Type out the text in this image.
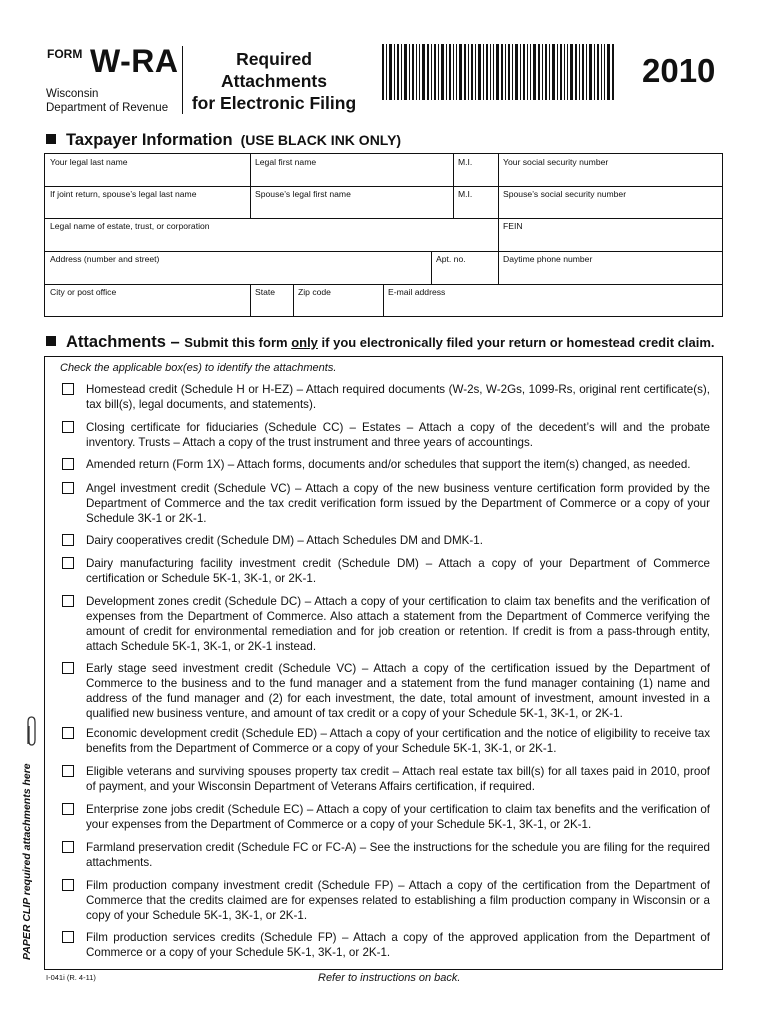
FORM W-RA
Wisconsin
Department of Revenue
Required
Attachments
for Electronic Filing
2010
Taxpayer Information (USE BLACK INK ONLY)
Your legal last name	Legal first name	M.I.	Your social security number
If joint return, spouse’s legal last name	Spouse’s legal first name	M.I.	Spouse’s social security number
Legal name of estate, trust, or corporation	FEIN
Address (number and street)	Apt. no.	Daytime phone number
City or post office	State	Zip code	E-mail address
Attachments – Submit this form only if you electronically filed your return or homestead credit claim.
Check the applicable box(es) to identify the attachments.
Homestead credit (Schedule H or H-EZ) – Attach required documents (W-2s, W-2Gs, 1099-Rs, original rent certificate(s), tax bill(s), legal documents, and statements).
Closing certificate for fiduciaries (Schedule CC) – Estates – Attach a copy of the decedent’s will and the probate inventory. Trusts – Attach a copy of the trust instrument and three years of accountings.
Amended return (Form 1X) – Attach forms, documents and/or schedules that support the item(s) changed, as needed.
Angel investment credit (Schedule VC) – Attach a copy of the new business venture certification form provided by the Department of Commerce and the tax credit verification form issued by the Department of Commerce or a copy of your Schedule 3K-1 or 2K-1.
Dairy cooperatives credit (Schedule DM) – Attach Schedules DM and DMK-1.
Dairy manufacturing facility investment credit (Schedule DM) – Attach a copy of your Department of Commerce certification or Schedule 5K-1, 3K-1, or 2K-1.
Development zones credit (Schedule DC) – Attach a copy of your certification to claim tax benefits and the verification of expenses from the Department of Commerce. Also attach a statement from the Department of Commerce verifying the amount of credit for environmental remediation and for job creation or retention. If credit is from a pass-through entity, attach Schedule 5K-1, 3K-1, or 2K-1 instead.
Early stage seed investment credit (Schedule VC) – Attach a copy of the certification issued by the Department of Commerce to the business and to the fund manager and a statement from the fund manager containing (1) name and address of the fund manager and (2) for each investment, the date, total amount of investment, amount invested in a qualified new business venture, and amount of tax credit or a copy of your Schedule 5K-1, 3K-1, or 2K-1.
Economic development credit (Schedule ED) – Attach a copy of your certification and the notice of eligibility to receive tax benefits from the Department of Commerce or a copy of your Schedule 5K-1, 3K-1, or 2K-1.
Eligible veterans and surviving spouses property tax credit – Attach real estate tax bill(s) for all taxes paid in 2010, proof of payment, and your Wisconsin Department of Veterans Affairs certification, if required.
Enterprise zone jobs credit (Schedule EC) – Attach a copy of your certification to claim tax benefits and the verification of your expenses from the Department of Commerce or a copy of your Schedule 5K-1, 3K-1, or 2K-1.
Farmland preservation credit (Schedule FC or FC-A) – See the instructions for the schedule you are filing for the required attachments.
Film production company investment credit (Schedule FP) – Attach a copy of the certification from the Department of Commerce that the credits claimed are for expenses related to establishing a film production company in Wisconsin or a copy of your Schedule 5K-1, 3K-1, or 2K-1.
Film production services credits (Schedule FP) – Attach a copy of the approved application from the Department of Commerce or a copy of your Schedule 5K-1, 3K-1, or 2K-1.
PAPER CLIP required attachments here
I-041i (R. 4-11)	Refer to instructions on back.
